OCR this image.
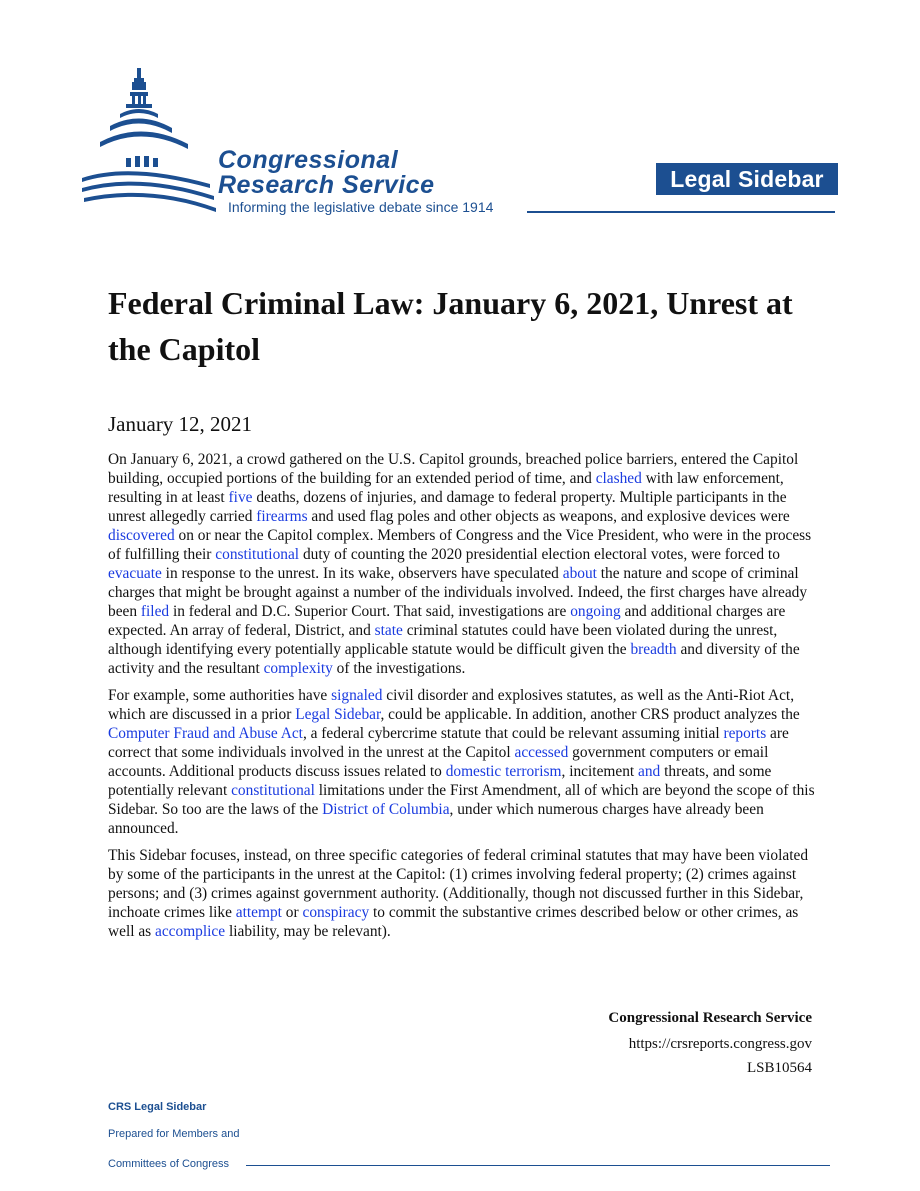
Congressional
Research Service
Informing the legislative debate since 1914
Legal Sidebar
Federal Criminal Law: January 6, 2021, Unrest at the Capitol
January 12, 2021

On January 6, 2021, a crowd gathered on the U.S. Capitol grounds, breached police barriers, entered the Capitol building, occupied portions of the building for an extended period of time, and clashed with law enforcement, resulting in at least five deaths, dozens of injuries, and damage to federal property. Multiple participants in the unrest allegedly carried firearms and used flag poles and other objects as weapons, and explosive devices were discovered on or near the Capitol complex. Members of Congress and the Vice President, who were in the process of fulfilling their constitutional duty of counting the 2020 presidential election electoral votes, were forced to evacuate in response to the unrest. In its wake, observers have speculated about the nature and scope of criminal charges that might be brought against a number of the individuals involved. Indeed, the first charges have already been filed in federal and D.C. Superior Court. That said, investigations are ongoing and additional charges are expected. An array of federal, District, and state criminal statutes could have been violated during the unrest, although identifying every potentially applicable statute would be difficult given the breadth and diversity of the activity and the resultant complexity of the investigations.

For example, some authorities have signaled civil disorder and explosives statutes, as well as the Anti-Riot Act, which are discussed in a prior Legal Sidebar, could be applicable. In addition, another CRS product analyzes the Computer Fraud and Abuse Act, a federal cybercrime statute that could be relevant assuming initial reports are correct that some individuals involved in the unrest at the Capitol accessed government computers or email accounts. Additional products discuss issues related to domestic terrorism, incitement and threats, and some potentially relevant constitutional limitations under the First Amendment, all of which are beyond the scope of this Sidebar. So too are the laws of the District of Columbia, under which numerous charges have already been announced.

This Sidebar focuses, instead, on three specific categories of federal criminal statutes that may have been violated by some of the participants in the unrest at the Capitol: (1) crimes involving federal property; (2) crimes against persons; and (3) crimes against government authority. (Additionally, though not discussed further in this Sidebar, inchoate crimes like attempt or conspiracy to commit the substantive crimes described below or other crimes, as well as accomplice liability, may be relevant).

Congressional Research Service
https://crsreports.congress.gov
LSB10564
CRS Legal Sidebar
Prepared for Members and
Committees of Congress
